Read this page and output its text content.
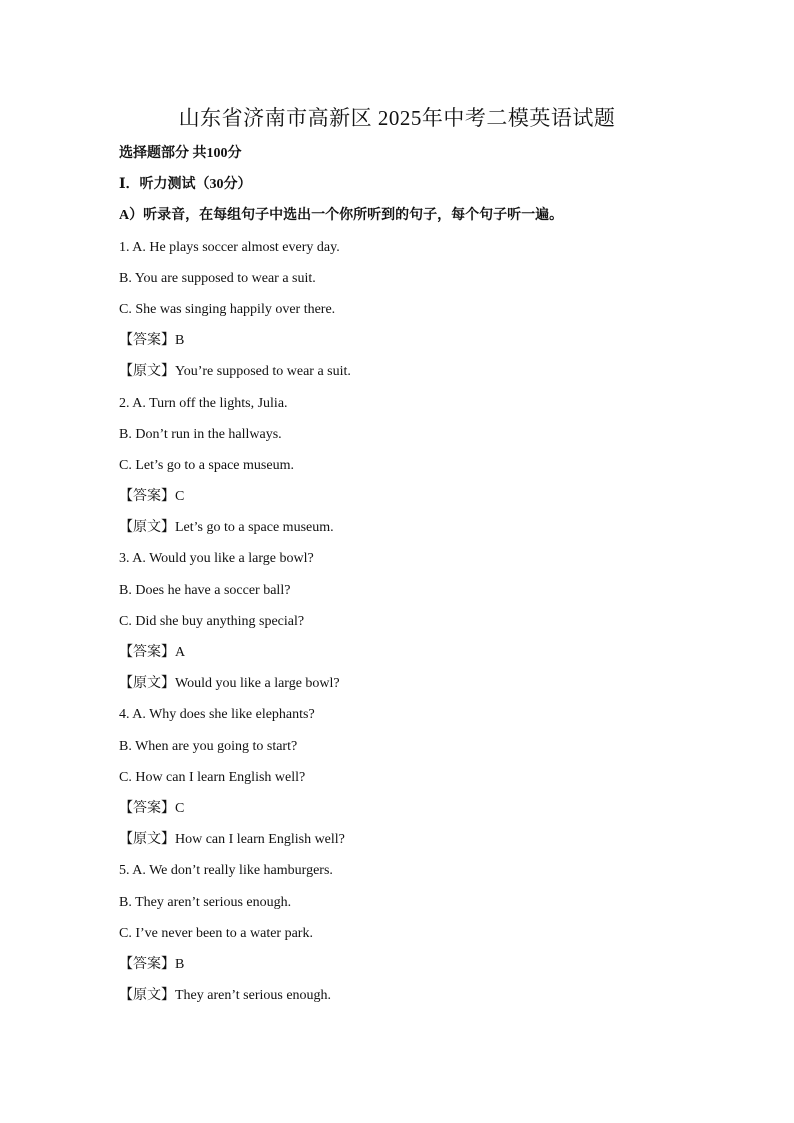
山东省济南市高新区 2025年中考二模英语试题
选择题部分 共100分
Ⅰ．听力测试（30分）
A）听录音，在每组句子中选出一个你所听到的句子，每个句子听一遍。
1. A. He plays soccer almost every day.
B. You are supposed to wear a suit.
C. She was singing happily over there.
【答案】B
【原文】You’re supposed to wear a suit.
2. A. Turn off the lights, Julia.
B. Don’t run in the hallways.
C. Let’s go to a space museum.
【答案】C
【原文】Let’s go to a space museum.
3. A. Would you like a large bowl?
B. Does he have a soccer ball?
C. Did she buy anything special?
【答案】A
【原文】Would you like a large bowl?
4. A. Why does she like elephants?
B. When are you going to start?
C. How can I learn English well?
【答案】C
【原文】How can I learn English well?
5. A. We don’t really like hamburgers.
B. They aren’t serious enough.
C. I’ve never been to a water park.
【答案】B
【原文】They aren’t serious enough.
